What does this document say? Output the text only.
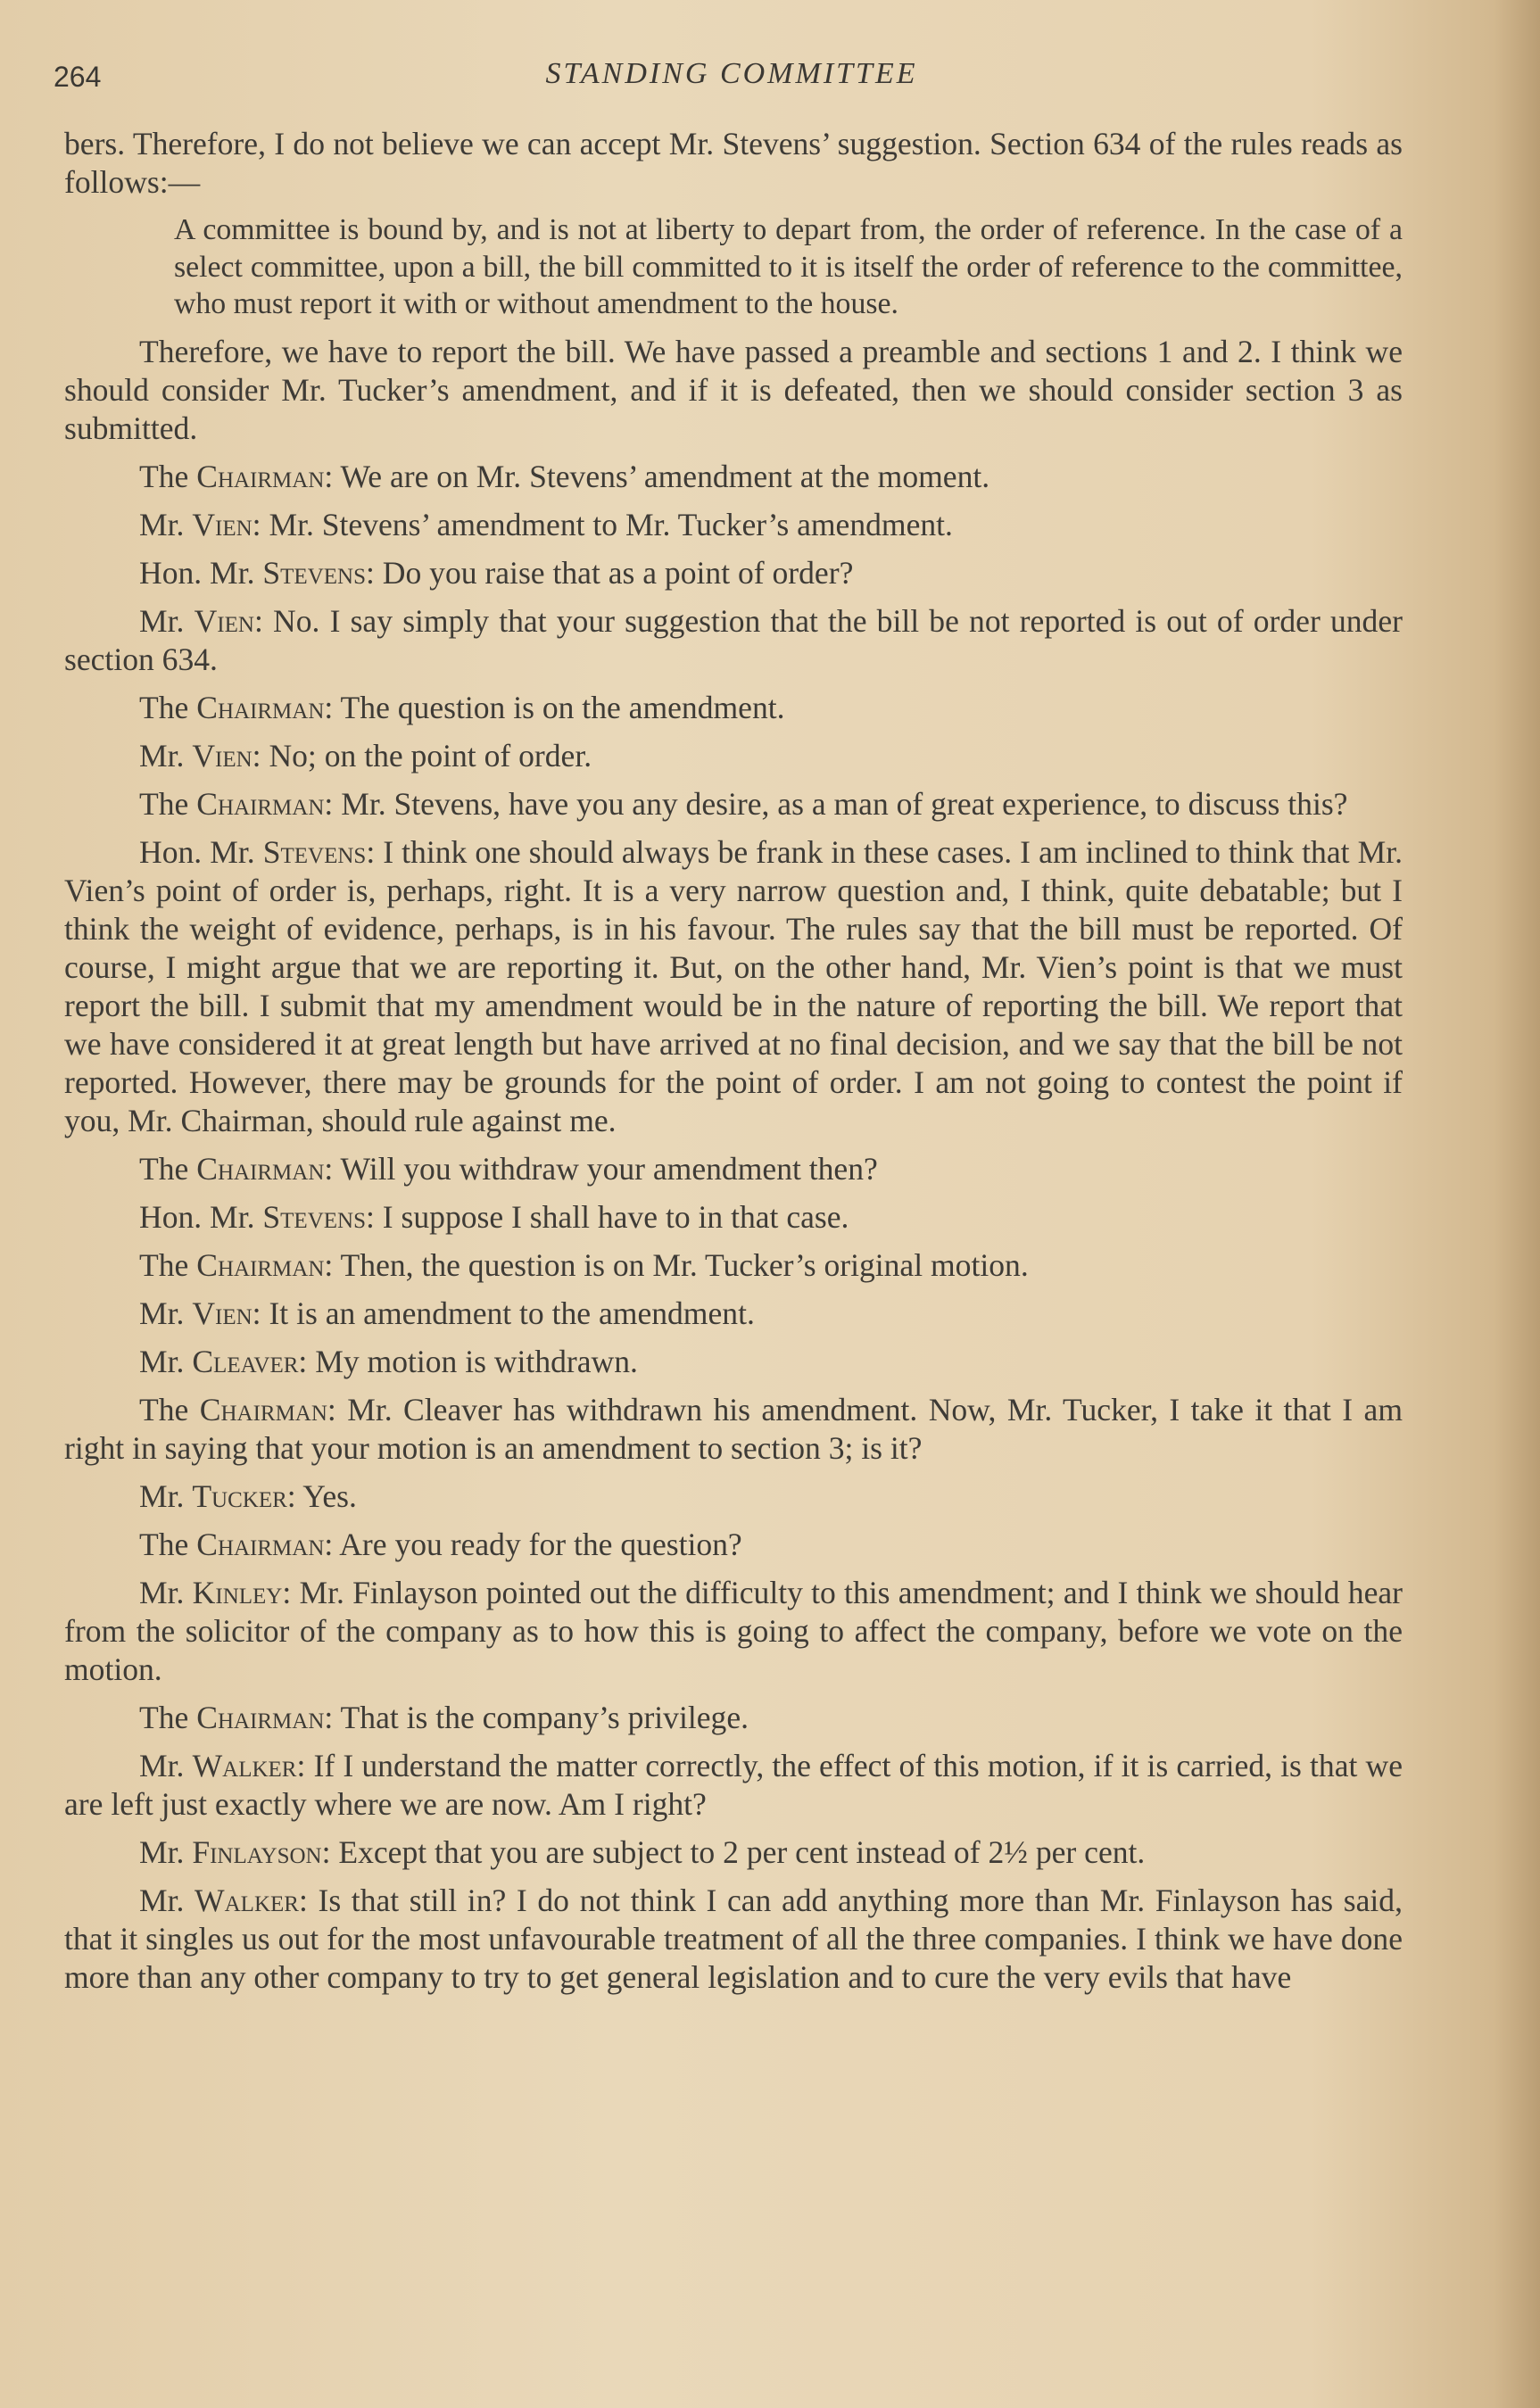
264	STANDING COMMITTEE

bers. Therefore, I do not believe we can accept Mr. Stevens’ suggestion. Section 634 of the rules reads as follows:—

A committee is bound by, and is not at liberty to depart from, the order of reference. In the case of a select committee, upon a bill, the bill committed to it is itself the order of reference to the committee, who must report it with or without amendment to the house.

Therefore, we have to report the bill. We have passed a preamble and sections 1 and 2. I think we should consider Mr. Tucker’s amendment, and if it is defeated, then we should consider section 3 as submitted.

The Chairman: We are on Mr. Stevens’ amendment at the moment.

Mr. Vien: Mr. Stevens’ amendment to Mr. Tucker’s amendment.

Hon. Mr. Stevens: Do you raise that as a point of order?

Mr. Vien: No. I say simply that your suggestion that the bill be not reported is out of order under section 634.

The Chairman: The question is on the amendment.

Mr. Vien: No; on the point of order.

The Chairman: Mr. Stevens, have you any desire, as a man of great experience, to discuss this?

Hon. Mr. Stevens: I think one should always be frank in these cases. I am inclined to think that Mr. Vien’s point of order is, perhaps, right. It is a very narrow question and, I think, quite debatable; but I think the weight of evidence, perhaps, is in his favour. The rules say that the bill must be reported. Of course, I might argue that we are reporting it. But, on the other hand, Mr. Vien’s point is that we must report the bill. I submit that my amendment would be in the nature of reporting the bill. We report that we have considered it at great length but have arrived at no final decision, and we say that the bill be not reported. However, there may be grounds for the point of order. I am not going to contest the point if you, Mr. Chairman, should rule against me.

The Chairman: Will you withdraw your amendment then?

Hon. Mr. Stevens: I suppose I shall have to in that case.

The Chairman: Then, the question is on Mr. Tucker’s original motion.

Mr. Vien: It is an amendment to the amendment.

Mr. Cleaver: My motion is withdrawn.

The Chairman: Mr. Cleaver has withdrawn his amendment. Now, Mr. Tucker, I take it that I am right in saying that your motion is an amendment to section 3; is it?

Mr. Tucker: Yes.

The Chairman: Are you ready for the question?

Mr. Kinley: Mr. Finlayson pointed out the difficulty to this amendment; and I think we should hear from the solicitor of the company as to how this is going to affect the company, before we vote on the motion.

The Chairman: That is the company’s privilege.

Mr. Walker: If I understand the matter correctly, the effect of this motion, if it is carried, is that we are left just exactly where we are now. Am I right?

Mr. Finlayson: Except that you are subject to 2 per cent instead of 2½ per cent.

Mr. Walker: Is that still in? I do not think I can add anything more than Mr. Finlayson has said, that it singles us out for the most unfavourable treatment of all the three companies. I think we have done more than any other company to try to get general legislation and to cure the very evils that have
